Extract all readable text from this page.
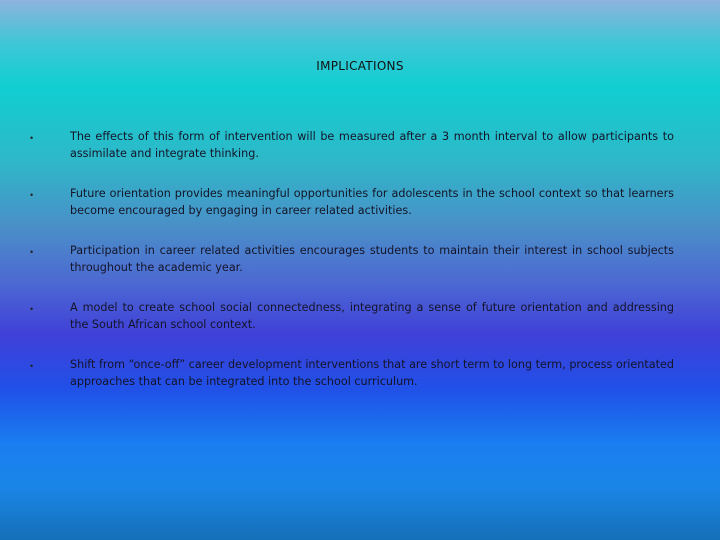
IMPLICATIONS
•	The effects of this form of intervention will be measured after a 3 month interval to allow participants to assimilate and integrate thinking.
•	Future orientation provides meaningful opportunities for adolescents in the school context so that learners become encouraged by engaging in career related activities.
•	Participation in career related activities encourages students to maintain their interest in school subjects throughout the academic year.
•	A model to create school social connectedness, integrating a sense of future orientation and addressing the South African school context.
•	Shift from “once-off” career development interventions that are short term to long term, process orientated approaches that can be integrated into the school curriculum.
